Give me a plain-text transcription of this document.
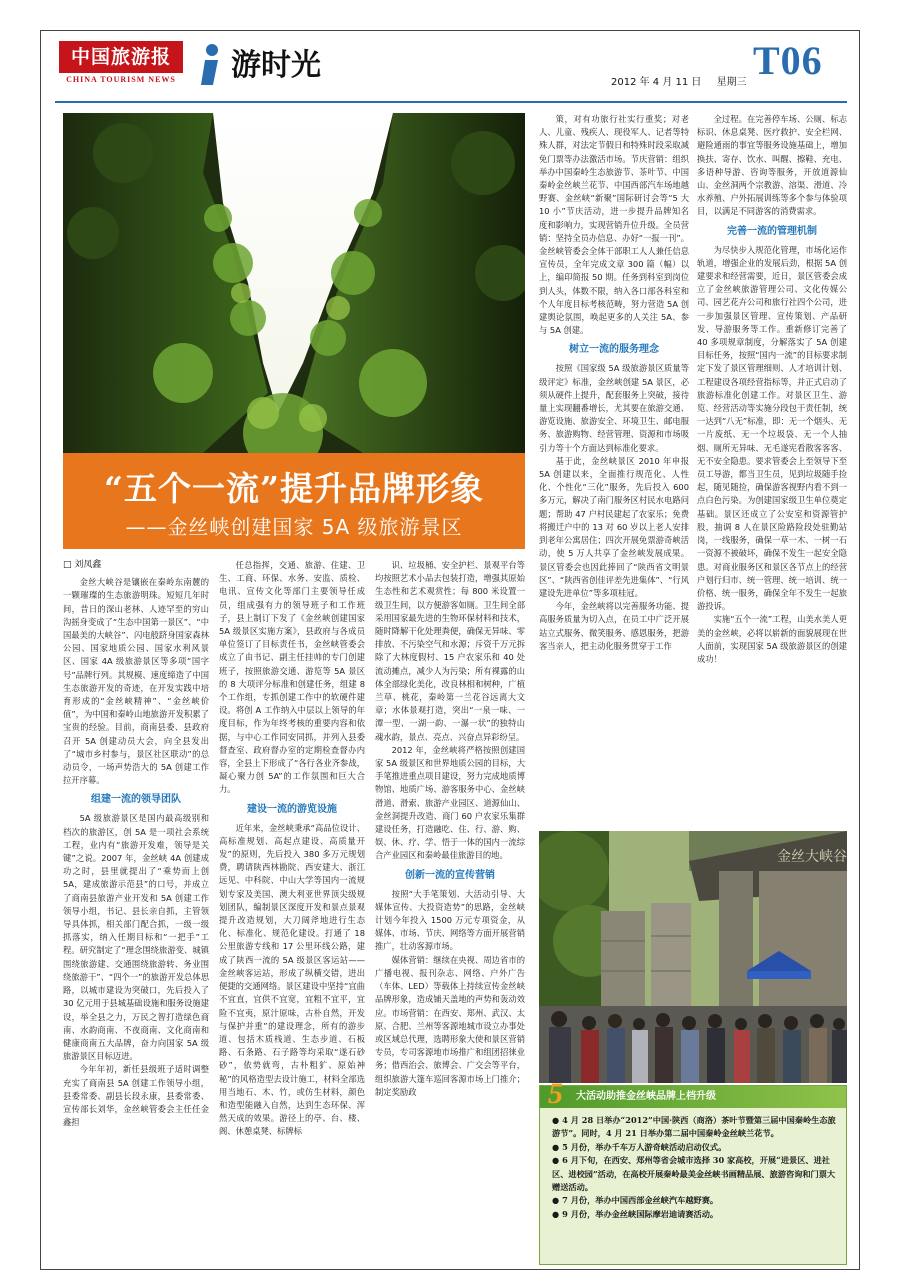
中国旅游报
CHINA TOURISM NEWS 游时光	2012 年 4 月 11 日 星期三 T06
“五个一流”提升品牌形象
——金丝峡创建国家 5A 级旅游景区

□ 刘凤鑫

金丝大峡谷是镶嵌在秦岭东南麓的一颗璀璨的生态旅游明珠。短短几年时间，昔日的深山老林、人迹罕至的穷山沟摇身变成了“生态中国第一景区”、“中国最美的大峡谷”、闪电般跻身国家森林公园、国家地质公园、国家水利风景区、国家 4A 级旅游景区等多项“国字号”品牌行列。其规模、速度缔造了中国生态旅游开发的奇迹，在开发实践中培育形成的“金丝峡精神”、“金丝峡价值”，为中国和秦岭山地旅游开发积累了宝贵的经验。目前，商南县委、县政府召开 5A 创建动员大会，向全县发出了“城市乡村参与，景区社区联动”的总动员令，一场声势浩大的 5A 创建工作拉开序幕。

组建一流的领导团队

5A 级旅游景区是国内最高级别和档次的旅游区，创 5A 是一项社会系统工程，业内有“旅游开发难，领导是关键”之说。2007 年，金丝峡 4A 创建成功之时，县里就提出了“乘势而上创 5A，建成旅游示范县”的口号，并成立了商南县旅游产业开发和 5A 创建工作领导小组，书记、县长亲自抓，主管领导具体抓，相关部门配合抓，一级一级抓落实，纳入任期目标和“一把手”工程。研究制定了“理念围绕旅游变、城镇围绕旅游建、交通围绕旅游转、务业围绕旅游干”、“四个一”的旅游开发总体思路，以城市建设为突破口，先后投入了 30 亿元用于县城基础设施和服务设施建设，举全县之力，万民之智打造绿色商南、水韵商南、不夜商南、文化商南和健康商南五大品牌，奋力向国家 5A 级旅游景区目标迈进。

今年年初，新任县级班子适时调整充实了商南县 5A 创建工作领导小组，县委常委、副县长段永康，县委常委、宣传部长刘华，金丝峡管委会主任任金鑫担

任总指挥，交通、旅游、住建、卫生、工商、环保、水务、安监、质检、电讯、宣传文化等部门主要领导任成员，组成强有力的领导班子和工作班子，县上制订下发了《金丝峡创建国家 5A 级景区实施方案》，县政府与各成员单位签订了目标责任书，金丝峡管委会成立了由书记、副主任挂帅的专门创建班子，按照旅游交通、游览等 5A 景区的 8 大项评分标准和创建任务，组建 8 个工作组，专抓创建工作中的软硬件建设。将创 A 工作纳入中层以上领导的年度目标，作为年终考核的重要内容和依据，与中心工作同安同抓，并列入县委督查室、政府督办室的定期检查督办内容，全县上下形成了“各行各业齐参战，凝心聚力创 5A”的工作氛围和巨大合力。

建设一流的游览设施

近年来，金丝峡秉承“高品位设计、高标准规划、高起点建设、高质量开发”的原则，先后投入 380 多万元规划费，聘请陕西林勘院、西安建大、浙江远见、中科院、中山大学等国内一流规划专家及美国、澳大利亚世界顶尖级规划团队，编制景区深度开发和景点景观提升改造规划，大刀阔斧地进行生态化、标准化、规范化建设。打通了 18 公里旅游专线和 17 公里环线公路，建成了陕西一流的 5A 级景区客运站——金丝峡客运站，形成了纵横交错，进出便捷的交通网络。景区建设中坚持“宜曲不宜直，宜供不宜宽，宜粗不宜平，宜险不宜夷，原汁原味，古朴自然，开发与保护并重”的建设理念，所有的游步道、包括木质栈道、生态步道、石板路、石条路、石子路等均采取“遂石砂砂”，依势就弯，古朴粗犷、原始神秘”的风格造型去设计施工，材料全部选用当地石、木、竹，或仿生材料，颜色和造型能融入自然，达到生态环保、浑然天成的效果。游径上的亭、台、楼、阁、休憩桌凳、标牌标

识、垃圾桶、安全护栏、景观平台等均按照艺术小品去包装打造，增强其原始生态性和艺术观赏性；每 800 米设置一级卫生间，以方便游客如厕。卫生间全部采用国家最先进的生物环保材料和技术，随时降解干化处理粪便，确保无异味、零排放、不污染空气和水源；斥资千万元拆除了大林度假村、15 户农家乐和 40 处流动摊点，减少人为污染；所有裸露的山体全部绿化美化，改良林相和树种，广植兰草、桃花，秦岭第一兰花谷远离大文章；水体景观打造，突出“一泉一味、一潭一型、一湖一韵、一瀑一状”的独特山魂水韵，景点、亮点、兴奋点异彩纷呈。

2012 年，金丝峡将严格按照创建国家 5A 级景区和世界地质公园的目标，大手笔推进重点项目建设，努力完成地质博物馆、地质广场、游客服务中心、金丝峡滑道、滑索、旅游产业园区、道源仙山、金丝洞提升改造、商门 60 户农家乐集群建设任务，打造融吃、住、行、游、购、娱、休、疗、学、悟于一体的国内一流综合产业园区和秦岭最佳旅游目的地。

创新一流的宣传营销

按照“大手笔策划、大活动引导、大媒体宣传、大投资造势”的思路，金丝峡计划今年投入 1500 万元专项资金，从媒体、市场、节庆、网络等方面开展营销推广，壮动客源市场。

媒体营销：继续在央视、周边省市的广播电视、报刊杂志、网络、户外广告（车体、LED）等载体上持续宣传金丝峡品牌形象，造成铺天盖地的声势和轰动效应。市场营销：在西安、郑州、武汉、太原、合肥、兰州等客源地城市设立办事处或区域总代理，选聘形象大使和景区营销专员，专司客源地市场推广和组团招徕业务；借西治会、旅博会、广交会等平台，组织旅游大篷车巡回客源市场上门推介；制定奖励政

策，对有功旅行社实行重奖；对老人、儿童、残疾人、现役军人、记者等特殊人群，对法定节假日和特殊时段采取减免门票等办法激活市场。节庆营销：组织举办中国秦岭生态旅游节、茶叶节、中国秦岭金丝峡兰花节、中国西部汽车场地越野赛、金丝峡“新聚”国际研讨会等“5 大 10 小”节庆活动，进一步提升品牌知名度和影响力，实现营销升位升级。全员营销：坚持全员办信息、办好“一报一刊”。金丝峡管委会全体干部职工人人兼任信息宣传员，全年完成文章 300 篇（幅）以上，编印简报 50 期。任务到科室到岗位到人头，体数不限，纳入各口部各科室和个人年度目标考核范畴，努力营造 5A 创建舆论氛围，唤起更多的人关注 5A、参与 5A 创建。

树立一流的服务理念

按照《国家级 5A 级旅游景区质量等级评定》标准，金丝峡创建 5A 景区，必须从硬件上提升，配套服务上突破，接待量上实现翻番增长，尤其要在旅游交通、游览设施、旅游安全、环境卫生、邮电服务、旅游购物、经营管理、资源和市场吸引力等十个方面达到标准化要求。

基于此，金丝峡景区 2010 年申报 5A 创建以来，全面推行规范化、人性化、个性化“三化”服务，先后投入 600 多万元，解决了南门服务区村民水电路问题；帮助 47 户村民建起了农家乐；免费将搬迁户中的 13 对 60 岁以上老人安排到老年公寓居住；四次开展免票游奇峡活动，使 5 万人共享了金丝峡发展成果。景区管委会也因此捧回了“陕西省文明景区”、“陕西省创佳评差先进集体”、“行风建设先进单位”等多项桂冠。

今年，金丝峡将以完善服务功能、提高服务质量为切入点，在员工中广泛开展站立式服务、微笑服务、感恩服务，把游客当亲人，把主动化服务贯穿于工作

全过程。在完善停车场、公厕、标志标识、休息桌凳、医疗救护、安全栏网、避险通雨的事宜等服务设施基础上，增加换扶、寄存、饮水、叫醒、擦鞋、充电、多语种导游、咨询等服务，开放道源仙山、金丝洞两个宗教游、溶渠、滑道、冷水养殖、户外拓展训练等多个参与体验项目，以满足不同游客的消费需求。

完善一流的管理机制

为尽快步入规范化管理，市场化运作轨道，增强企业的发展后劲，根据 5A 创建要求和经营需要，近日，景区管委会成立了金丝峡旅游管理公司、文化传媒公司、园艺花卉公司和旅行社四个公司，进一步加强景区管理、宣传策划、产品研发、导游服务等工作。重新修订完善了 40 多项规章制度，分解落实了 5A 创建目标任务，按照“国内一流”的目标要求制定下发了景区管理细则、人才培训计划、工程建设各项经营指标等，并正式启动了旅游标准化创建工作。对景区卫生、游览、经营活动等实施分段包干责任制，统一达到“八无”标准，即：无一个烟头、无一片废纸、无一个垃圾袋、无一个人抽烟、厕所无异味、无毛遂宪看散客客客、无不安全隐患。要求管委会上至领导下至员工导游，都当卫生员，见到垃圾随手捡起，随见随捡，确保游客视野内看不到一点白色污染。为创建国家级卫生单位奠定基础。景区还成立了公安室和资源管护股，抽调 8 人在景区险路险段处驻勤站岗，一线服务，确保一草一木、一树一石一资源不被破坏，确保不发生一起安全隐患。对商业服务区和景区各节点上的经营户划行归市、统一管理、统一培训、统一价格、统一服务，确保全年不发生一起旅游投诉。

实施“五个一流”工程，山美水美人更美的金丝峡，必将以崭新的面貌展现在世人面前，实现国家 5A 级旅游景区的创建成功！

金丝大峡谷
5 大活动助推金丝峡品牌上档升级
● 4 月 28 日举办“2012”中国·陕西（商洛）茶叶节暨第三届中国秦岭生态旅游节”。同时，4 月 21 日举办第二届中国秦岭金丝峡兰花节。
● 5 月份，举办千车万人游奇峡活动启动仪式。
● 6 月下旬，在西安、郑州等省会城市选择 30 家高校，开展“进景区、进社区、进校园”活动，在高校开展秦岭最美金丝峡书画精品展、旅游咨询和门票大赠送活动。
● 7 月份，举办中国西部金丝峡汽车越野赛。
● 9 月份，举办金丝峡国际摩岩迪请赛活动。
